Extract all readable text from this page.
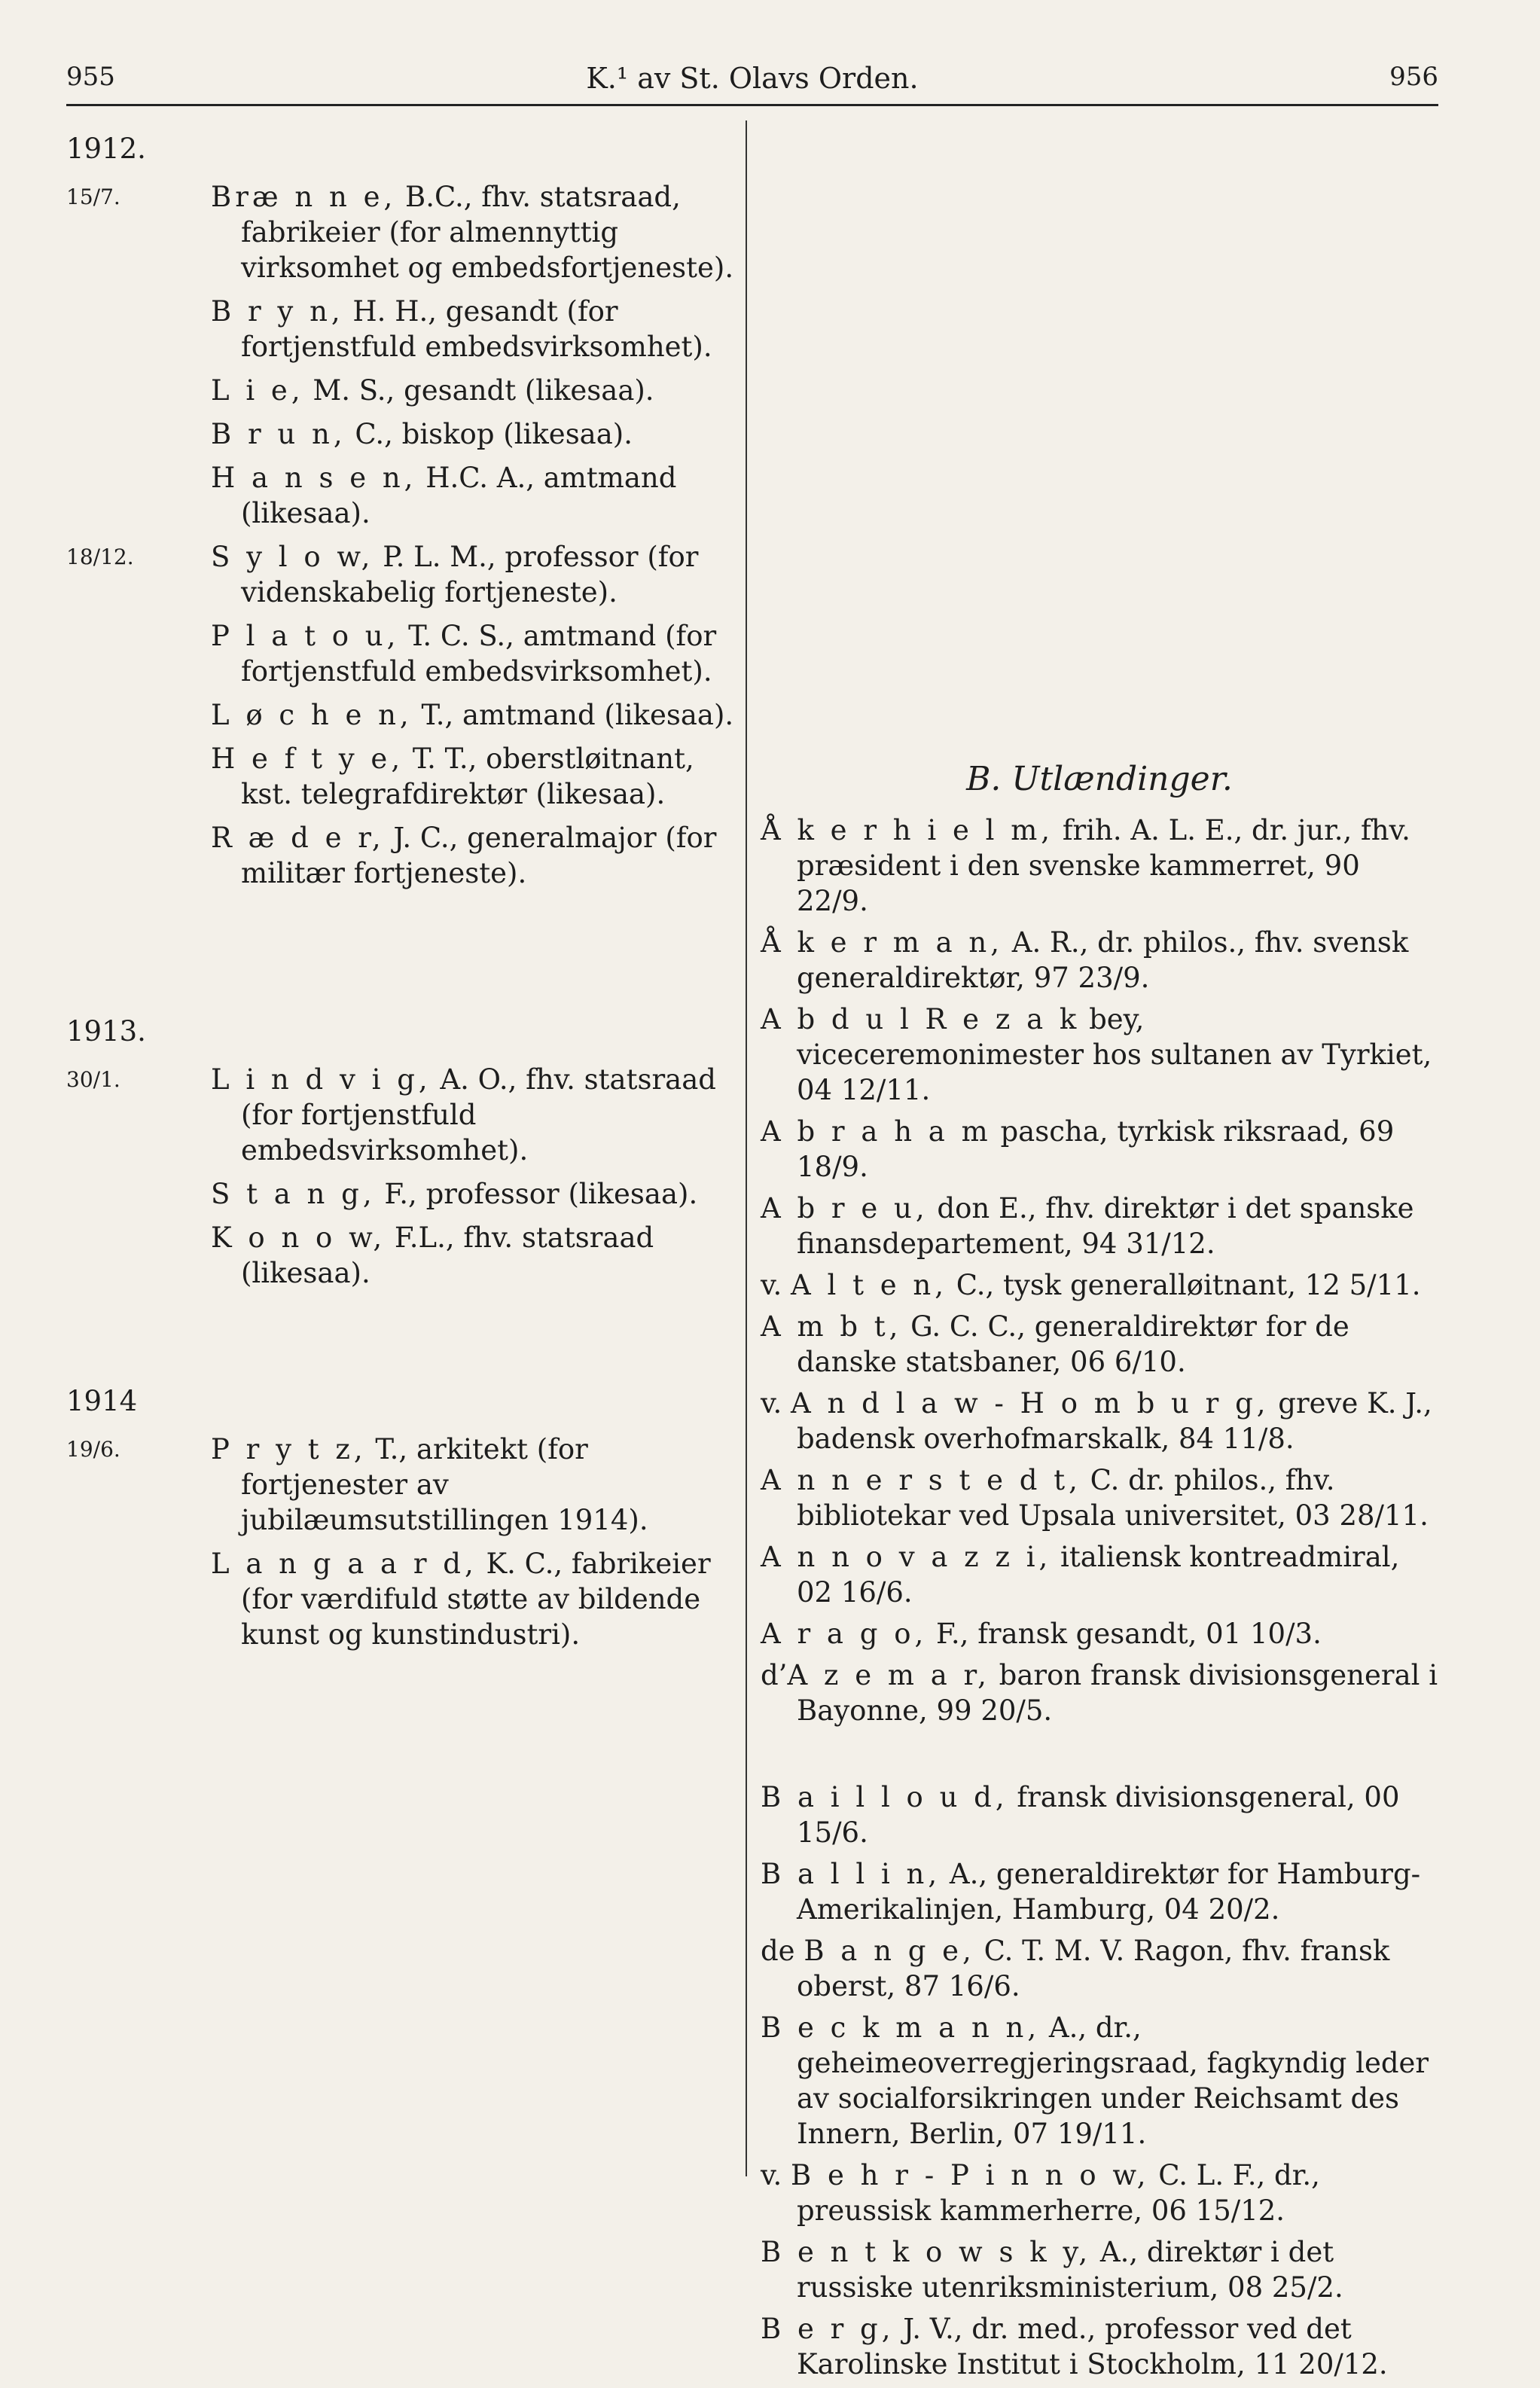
955	K.¹ av St. Olavs Orden.	956
1912.
15/7.	Bræ n n e, B.C., fhv. statsraad, fabrikeier (for almennyttig virksomhet og embedsfortjeneste).
B r y n, H. H., gesandt (for fortjenstfuld embedsvirksomhet).
L i e, M. S., gesandt (likesaa).
B r u n, C., biskop (likesaa).
H a n s e n, H.C. A., amtmand (likesaa).
18/12.	S y l o w, P. L. M., professor (for videnskabelig fortjeneste).
P l a t o u, T. C. S., amtmand (for fortjenstfuld embedsvirksomhet).
L ø c h e n, T., amtmand (likesaa).
H e f t y e, T. T., oberstløitnant, kst. telegrafdirektør (likesaa).
R æ d e r, J. C., generalmajor (for militær fortjeneste).
1913.
30/1.	L i n d v i g, A. O., fhv. statsraad (for fortjenstfuld embedsvirksomhet).
S t a n g, F., professor (likesaa).
K o n o w, F.L., fhv. statsraad (likesaa).
1914
19/6.	P r y t z, T., arkitekt (for fortjenester av jubilæumsutstillingen 1914).
L a n g a a r d, K. C., fabrikeier (for værdifuld støtte av bildende kunst og kunstindustri).
B. Utlændinger.
Å k e r h i e l m, frih. A. L. E., dr. jur., fhv. præsident i den svenske kammerret, 90 22/9.
Å k e r m a n, A. R., dr. philos., fhv. svensk generaldirektør, 97 23/9.
A b d u l R e z a k bey, viceceremonimester hos sultanen av Tyrkiet, 04 12/11.
A b r a h a m pascha, tyrkisk riksraad, 69 18/9.
A b r e u, don E., fhv. direktør i det spanske finansdepartement, 94 31/12.
v. A l t e n, C., tysk generalløitnant, 12 5/11.
A m b t, G. C. C., generaldirektør for de danske statsbaner, 06 6/10.
v. A n d l a w - H o m b u r g, greve K. J., badensk overhofmarskalk, 84 11/8.
A n n e r s t e d t, C. dr. philos., fhv. bibliotekar ved Upsala universitet, 03 28/11.
A n n o v a z z i, italiensk kontreadmiral, 02 16/6.
A r a g o, F., fransk gesandt, 01 10/3.
d’A z e m a r, baron fransk divisionsgeneral i Bayonne, 99 20/5.
B a i l l o u d, fransk divisionsgeneral, 00 15/6.
B a l l i n, A., generaldirektør for Hamburg-Amerikalinjen, Hamburg, 04 20/2.
de B a n g e, C. T. M. V. Ragon, fhv. fransk oberst, 87 16/6.
B e c k m a n n, A., dr., geheimeoverregjeringsraad, fagkyndig leder av socialforsikringen under Reichsamt des Innern, Berlin, 07 19/11.
v. B e h r - P i n n o w, C. L. F., dr., preussisk kammerherre, 06 15/12.
B e n t k o w s k y, A., direktør i det russiske utenriksministerium, 08 25/2.
B e r g, J. V., dr. med., professor ved det Karolinske Institut i Stockholm, 11 20/12.
